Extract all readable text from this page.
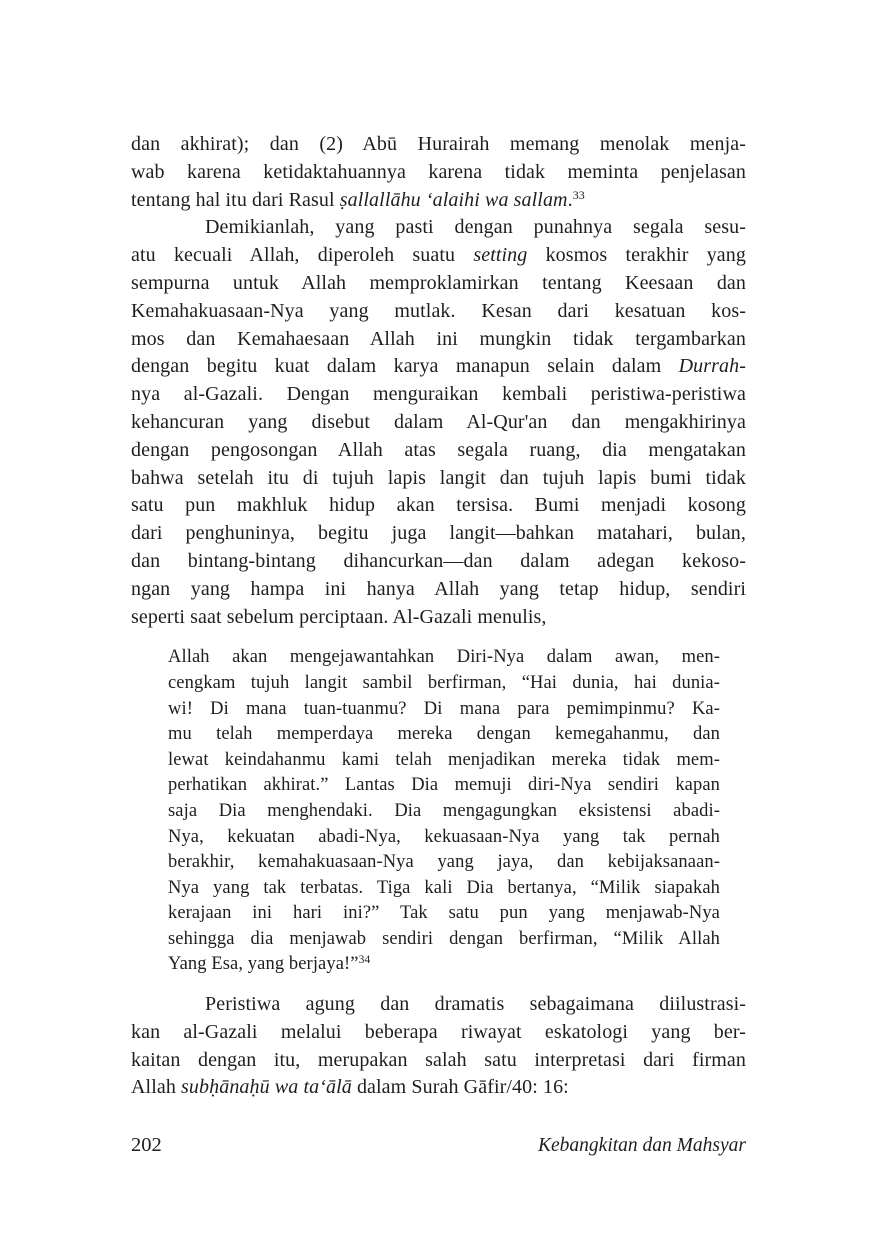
dan akhirat); dan (2) Abū Hurairah memang menolak menja-
wab karena ketidaktahuannya karena tidak meminta penjelasan
tentang hal itu dari Rasul ṣallallāhu ‘alaihi wa sallam.$^{33}$
Demikianlah, yang pasti dengan punahnya segala sesu-
atu kecuali Allah, diperoleh suatu setting kosmos terakhir yang
sempurna untuk Allah memproklamirkan tentang Keesaan dan
Kemahakuasaan-Nya yang mutlak. Kesan dari kesatuan kos-
mos dan Kemahaesaan Allah ini mungkin tidak tergambarkan
dengan begitu kuat dalam karya manapun selain dalam Durrah-
nya al-Gazali. Dengan menguraikan kembali peristiwa-peristiwa
kehancuran yang disebut dalam Al-Qur'an dan mengakhirinya
dengan pengosongan Allah atas segala ruang, dia mengatakan
bahwa setelah itu di tujuh lapis langit dan tujuh lapis bumi tidak
satu pun makhluk hidup akan tersisa. Bumi menjadi kosong
dari penghuninya, begitu juga langit—bahkan matahari, bulan,
dan bintang-bintang dihancurkan—dan dalam adegan kekoso-
ngan yang hampa ini hanya Allah yang tetap hidup, sendiri
seperti saat sebelum perciptaan. Al-Gazali menulis,
Allah akan mengejawantahkan Diri-Nya dalam awan, men-
cengkam tujuh langit sambil berfirman, “Hai dunia, hai dunia-
wi! Di mana tuan-tuanmu? Di mana para pemimpinmu? Ka-
mu telah memperdaya mereka dengan kemegahanmu, dan
lewat keindahanmu kami telah menjadikan mereka tidak mem-
perhatikan akhirat.” Lantas Dia memuji diri-Nya sendiri kapan
saja Dia menghendaki. Dia mengagungkan eksistensi abadi-
Nya, kekuatan abadi-Nya, kekuasaan-Nya yang tak pernah
berakhir, kemahakuasaan-Nya yang jaya, dan kebijaksanaan-
Nya yang tak terbatas. Tiga kali Dia bertanya, “Milik siapakah
kerajaan ini hari ini?” Tak satu pun yang menjawab-Nya
sehingga dia menjawab sendiri dengan berfirman, “Milik Allah
Yang Esa, yang berjaya!”$^{34}$
Peristiwa agung dan dramatis sebagaimana diilustrasi-
kan al-Gazali melalui beberapa riwayat eskatologi yang ber-
kaitan dengan itu, merupakan salah satu interpretasi dari firman
Allah subḥānaḥū wa ta‘ālā dalam Surah Gāfir/40: 16:
202	Kebangkitan dan Mahsyar
